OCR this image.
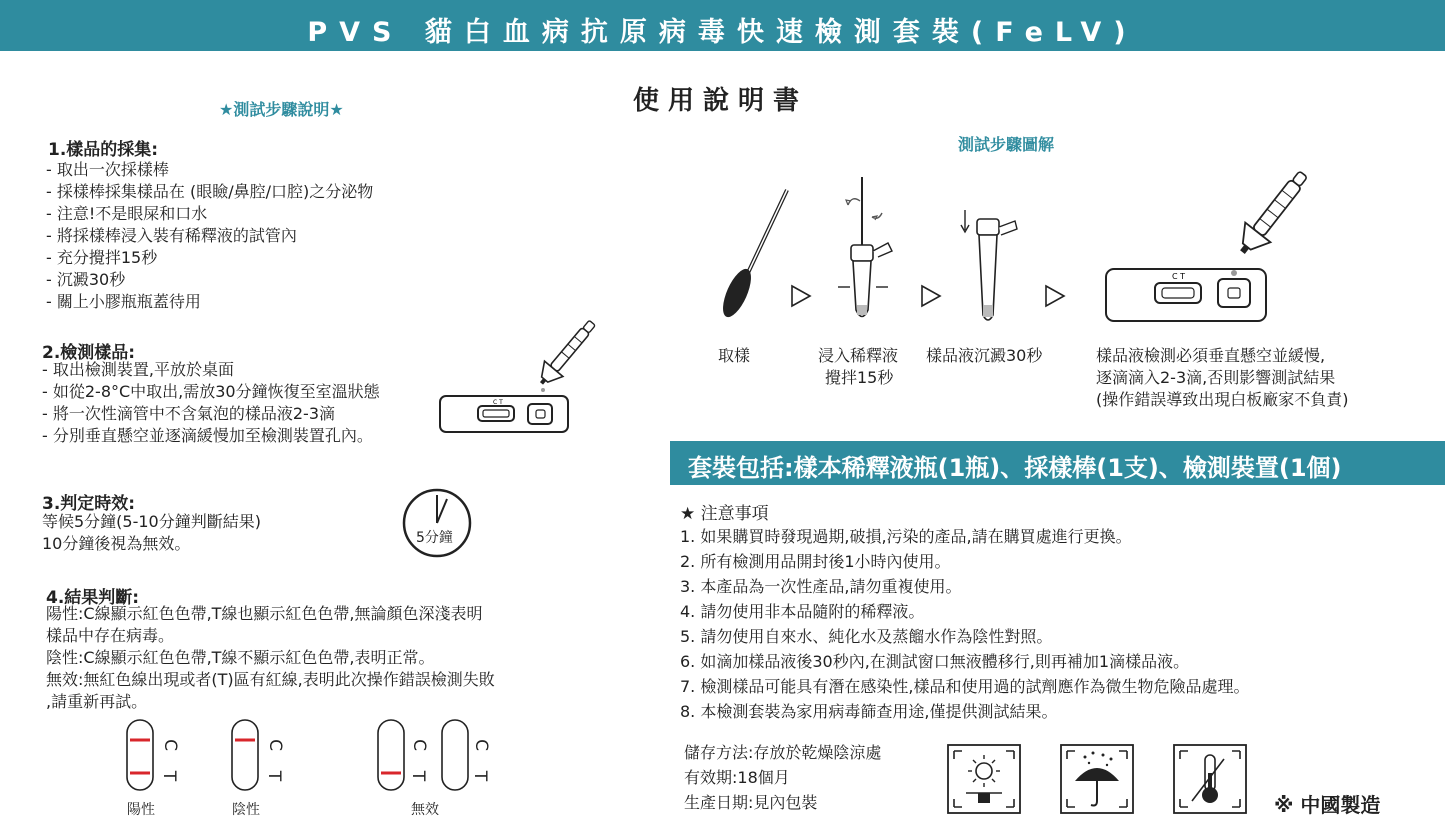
PVS 貓白血病抗原病毒快速檢測套裝(FeLV)
使用說明書
★測試步驟說明★
1.樣品的採集:
- 取出一次採樣棒
- 採樣棒採集樣品在 (眼瞼/鼻腔/口腔)之分泌物
- 注意!不是眼屎和口水
- 將採樣棒浸入裝有稀釋液的試管內
- 充分攪拌15秒
- 沉澱30秒
- 關上小膠瓶瓶蓋待用
2.檢測樣品:
- 取出檢測裝置,平放於桌面
- 如從2-8°C中取出,需放30分鐘恢復至室溫狀態
- 將一次性滴管中不含氣泡的樣品液2-3滴
- 分別垂直懸空並逐滴緩慢加至檢測裝置孔內。
C T
3.判定時效:
等候5分鐘(5-10分鐘判斷結果)
10分鐘後視為無效。	5分鐘
4.結果判斷:
陽性:C線顯示紅色色帶,T線也顯示紅色色帶,無論顏色深淺表明
樣品中存在病毒。
陰性:C線顯示紅色色帶,T線不顯示紅色色帶,表明正常。
無效:無紅色線出現或者(T)區有紅線,表明此次操作錯誤檢測失敗
,請重新再試。
C
T
C
T
C
T
C
T
陽性	陰性	無效
測試步驟圖解
C T
取樣	浸入稀釋液
攪拌15秒
樣品液沉澱30秒	樣品液檢測必須垂直懸空並緩慢,
逐滴滴入2-3滴,否則影響測試結果
(操作錯誤導致出現白板廠家不負責)
套裝包括:樣本稀釋液瓶(1瓶)、採樣棒(1支)、檢測裝置(1個)
★ 注意事項
1. 如果購買時發現過期,破損,污染的產品,請在購買處進行更換。
2. 所有檢測用品開封後1小時內使用。
3. 本產品為一次性產品,請勿重複使用。
4. 請勿使用非本品隨附的稀釋液。
5. 請勿使用自來水、純化水及蒸餾水作為陰性對照。
6. 如滴加樣品液後30秒內,在測試窗口無液體移行,則再補加1滴樣品液。
7. 檢測樣品可能具有潛在感染性,樣品和使用過的試劑應作為微生物危險品處理。
8. 本檢測套裝為家用病毒篩查用途,僅提供測試結果。
儲存方法:存放於乾燥陰涼處
有效期:18個月
生產日期:見內包裝	※ 中國製造
